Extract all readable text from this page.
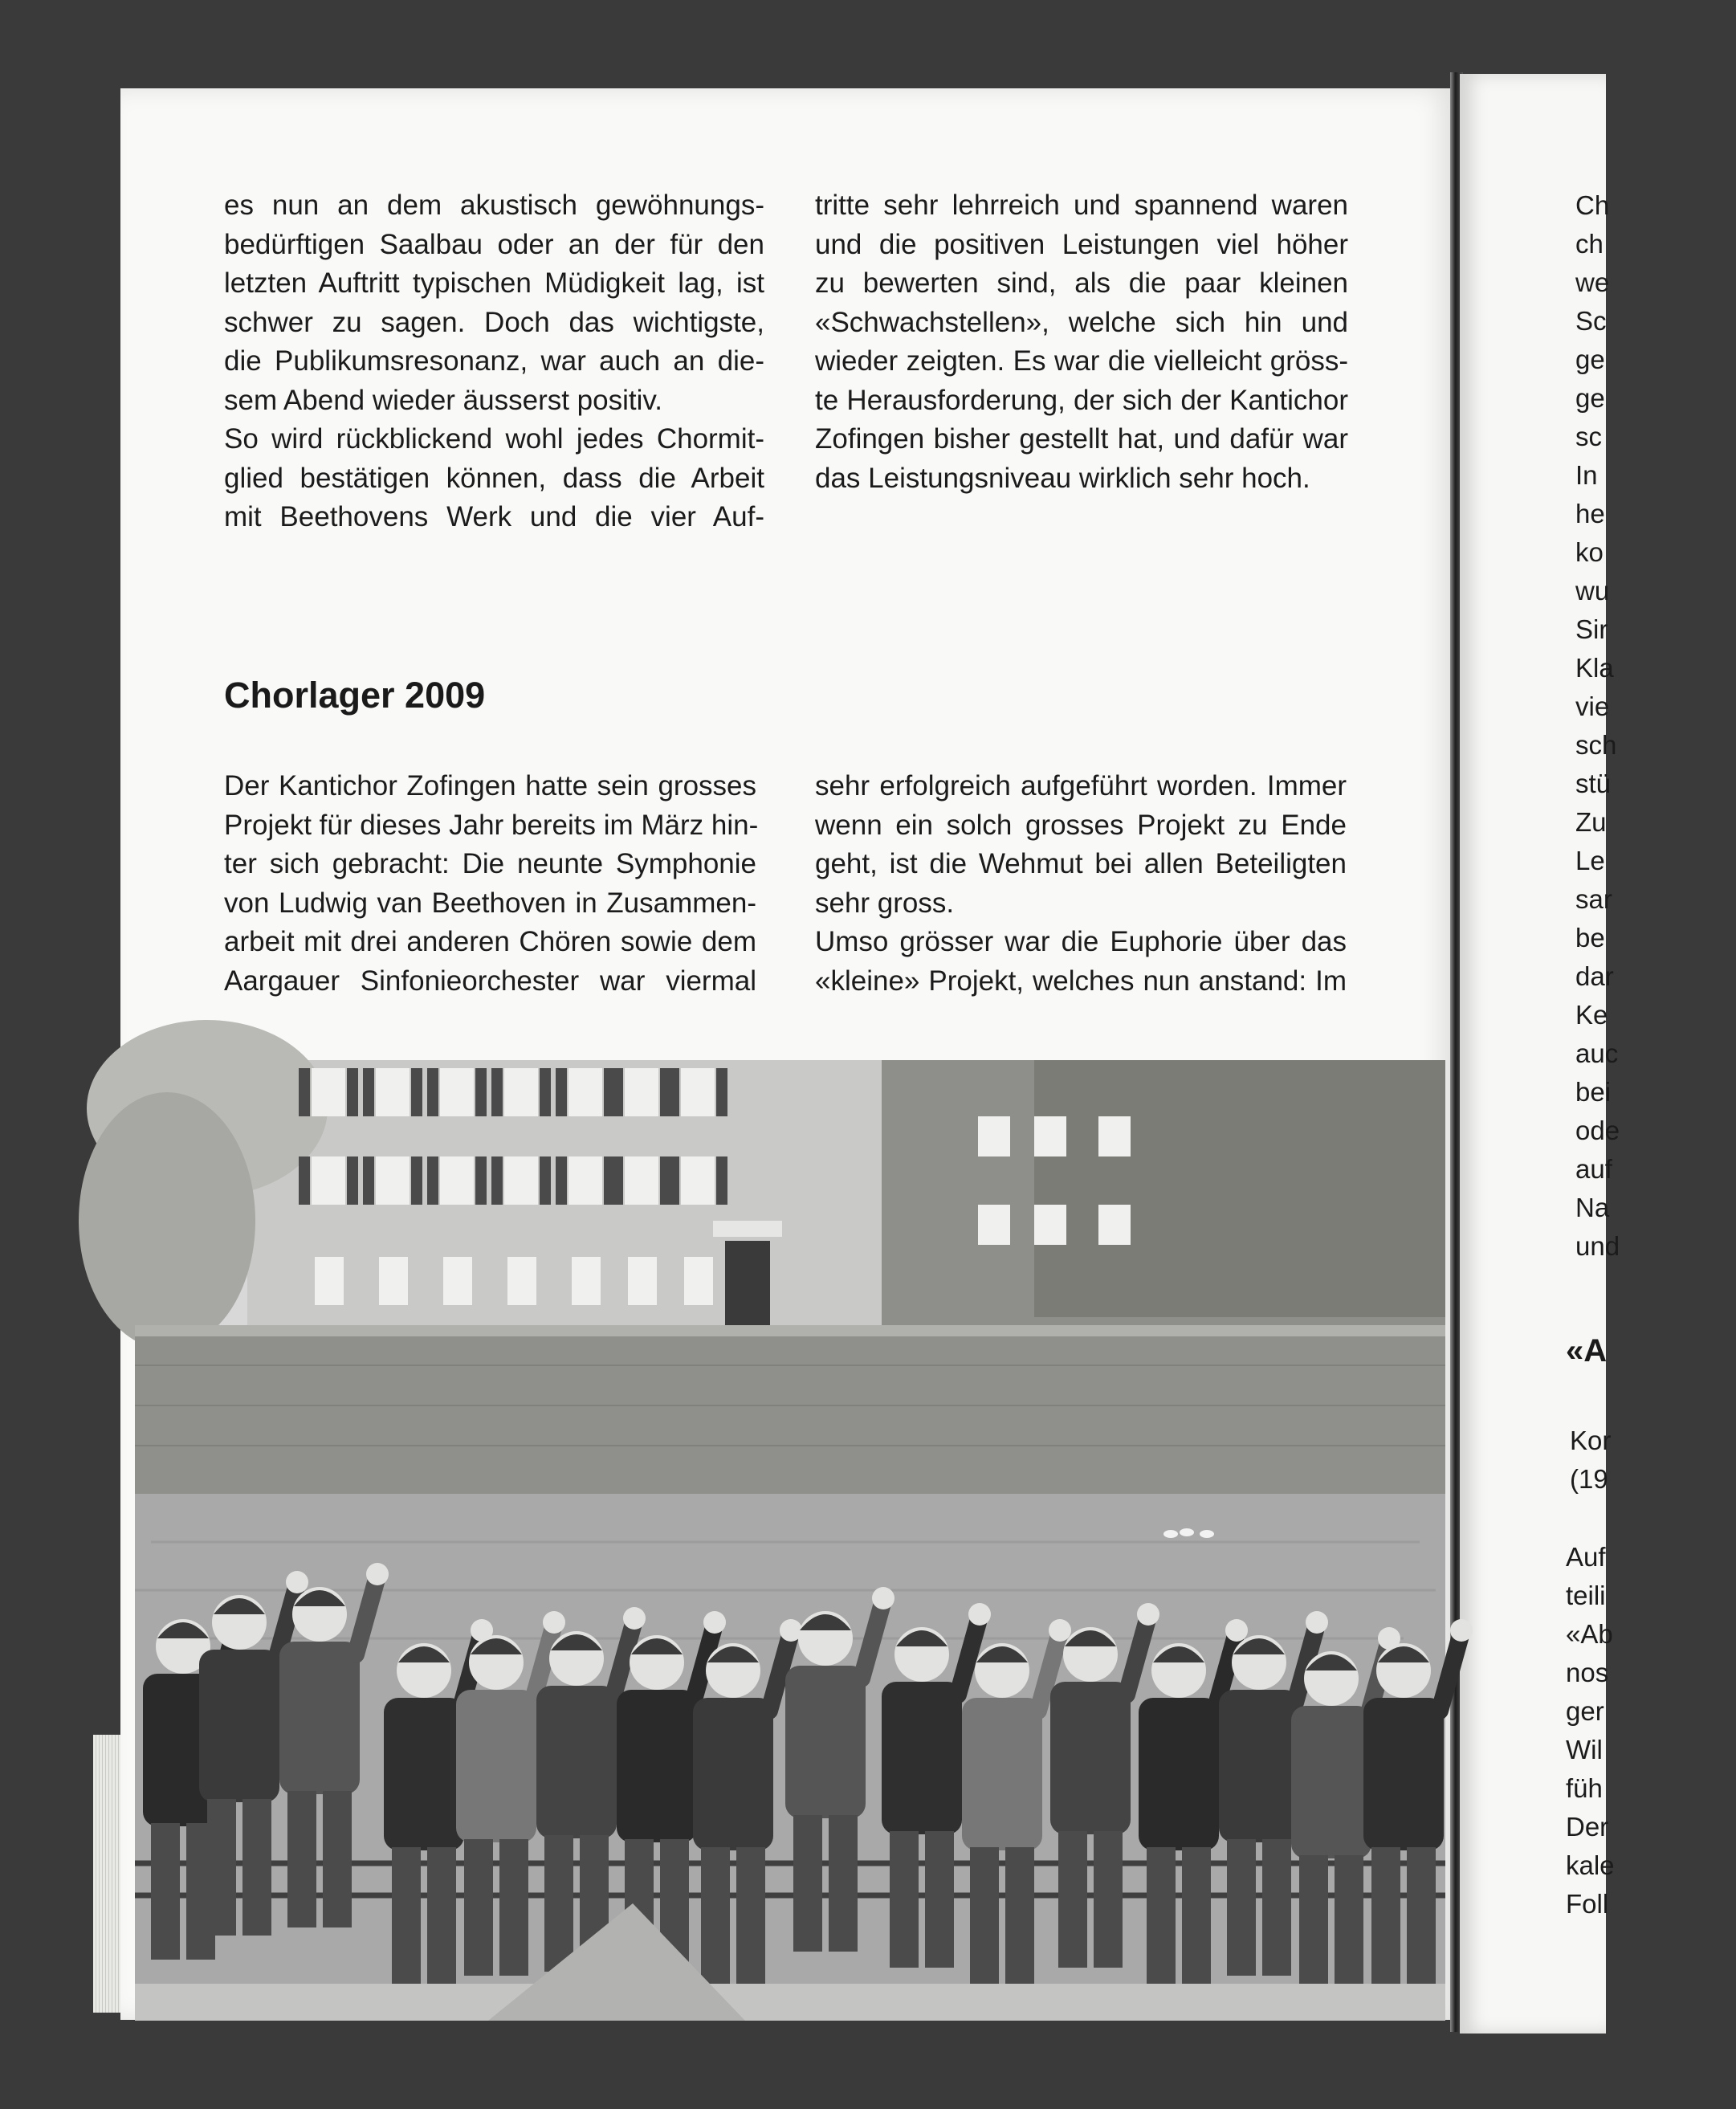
es nun an dem akustisch gewöhnungs-
bedürftigen Saalbau oder an der für den
letzten Auftritt typischen Müdigkeit lag, ist
schwer zu sagen. Doch das wichtigste,
die Publikumsresonanz, war auch an die-
sem Abend wieder äusserst positiv.
So wird rückblickend wohl jedes Chormit-
glied bestätigen können, dass die Arbeit
mit Beethovens Werk und die vier Auf-
tritte sehr lehrreich und spannend waren
und die positiven Leistungen viel höher
zu bewerten sind, als die paar kleinen
«Schwachstellen», welche sich hin und
wieder zeigten. Es war die vielleicht gröss-
te Herausforderung, der sich der Kantichor
Zofingen bisher gestellt hat, und dafür war
das Leistungsniveau wirklich sehr hoch.
Chorlager 2009
Der Kantichor Zofingen hatte sein grosses
Projekt für dieses Jahr bereits im März hin-
ter sich gebracht: Die neunte Symphonie
von Ludwig van Beethoven in Zusammen-
arbeit mit drei anderen Chören sowie dem
Aargauer Sinfonieorchester war viermal
sehr erfolgreich aufgeführt worden. Immer
wenn ein solch grosses Projekt zu Ende
geht, ist die Wehmut bei allen Beteiligten
sehr gross.
Umso grösser war die Euphorie über das
«kleine» Projekt, welches nun anstand: Im
Ch
ch
we
Sc
ge
ge
sc
In
he
ko
wu
Sir
Kla
vie
sch
stü
Zu
Le
sar
be
dar
Ke
auc
bei
ode
auf
Na
und
«A
Kor
(19
Auf
teili
«Ab
nos
ger
Wil
füh
Der
kale
Foll
